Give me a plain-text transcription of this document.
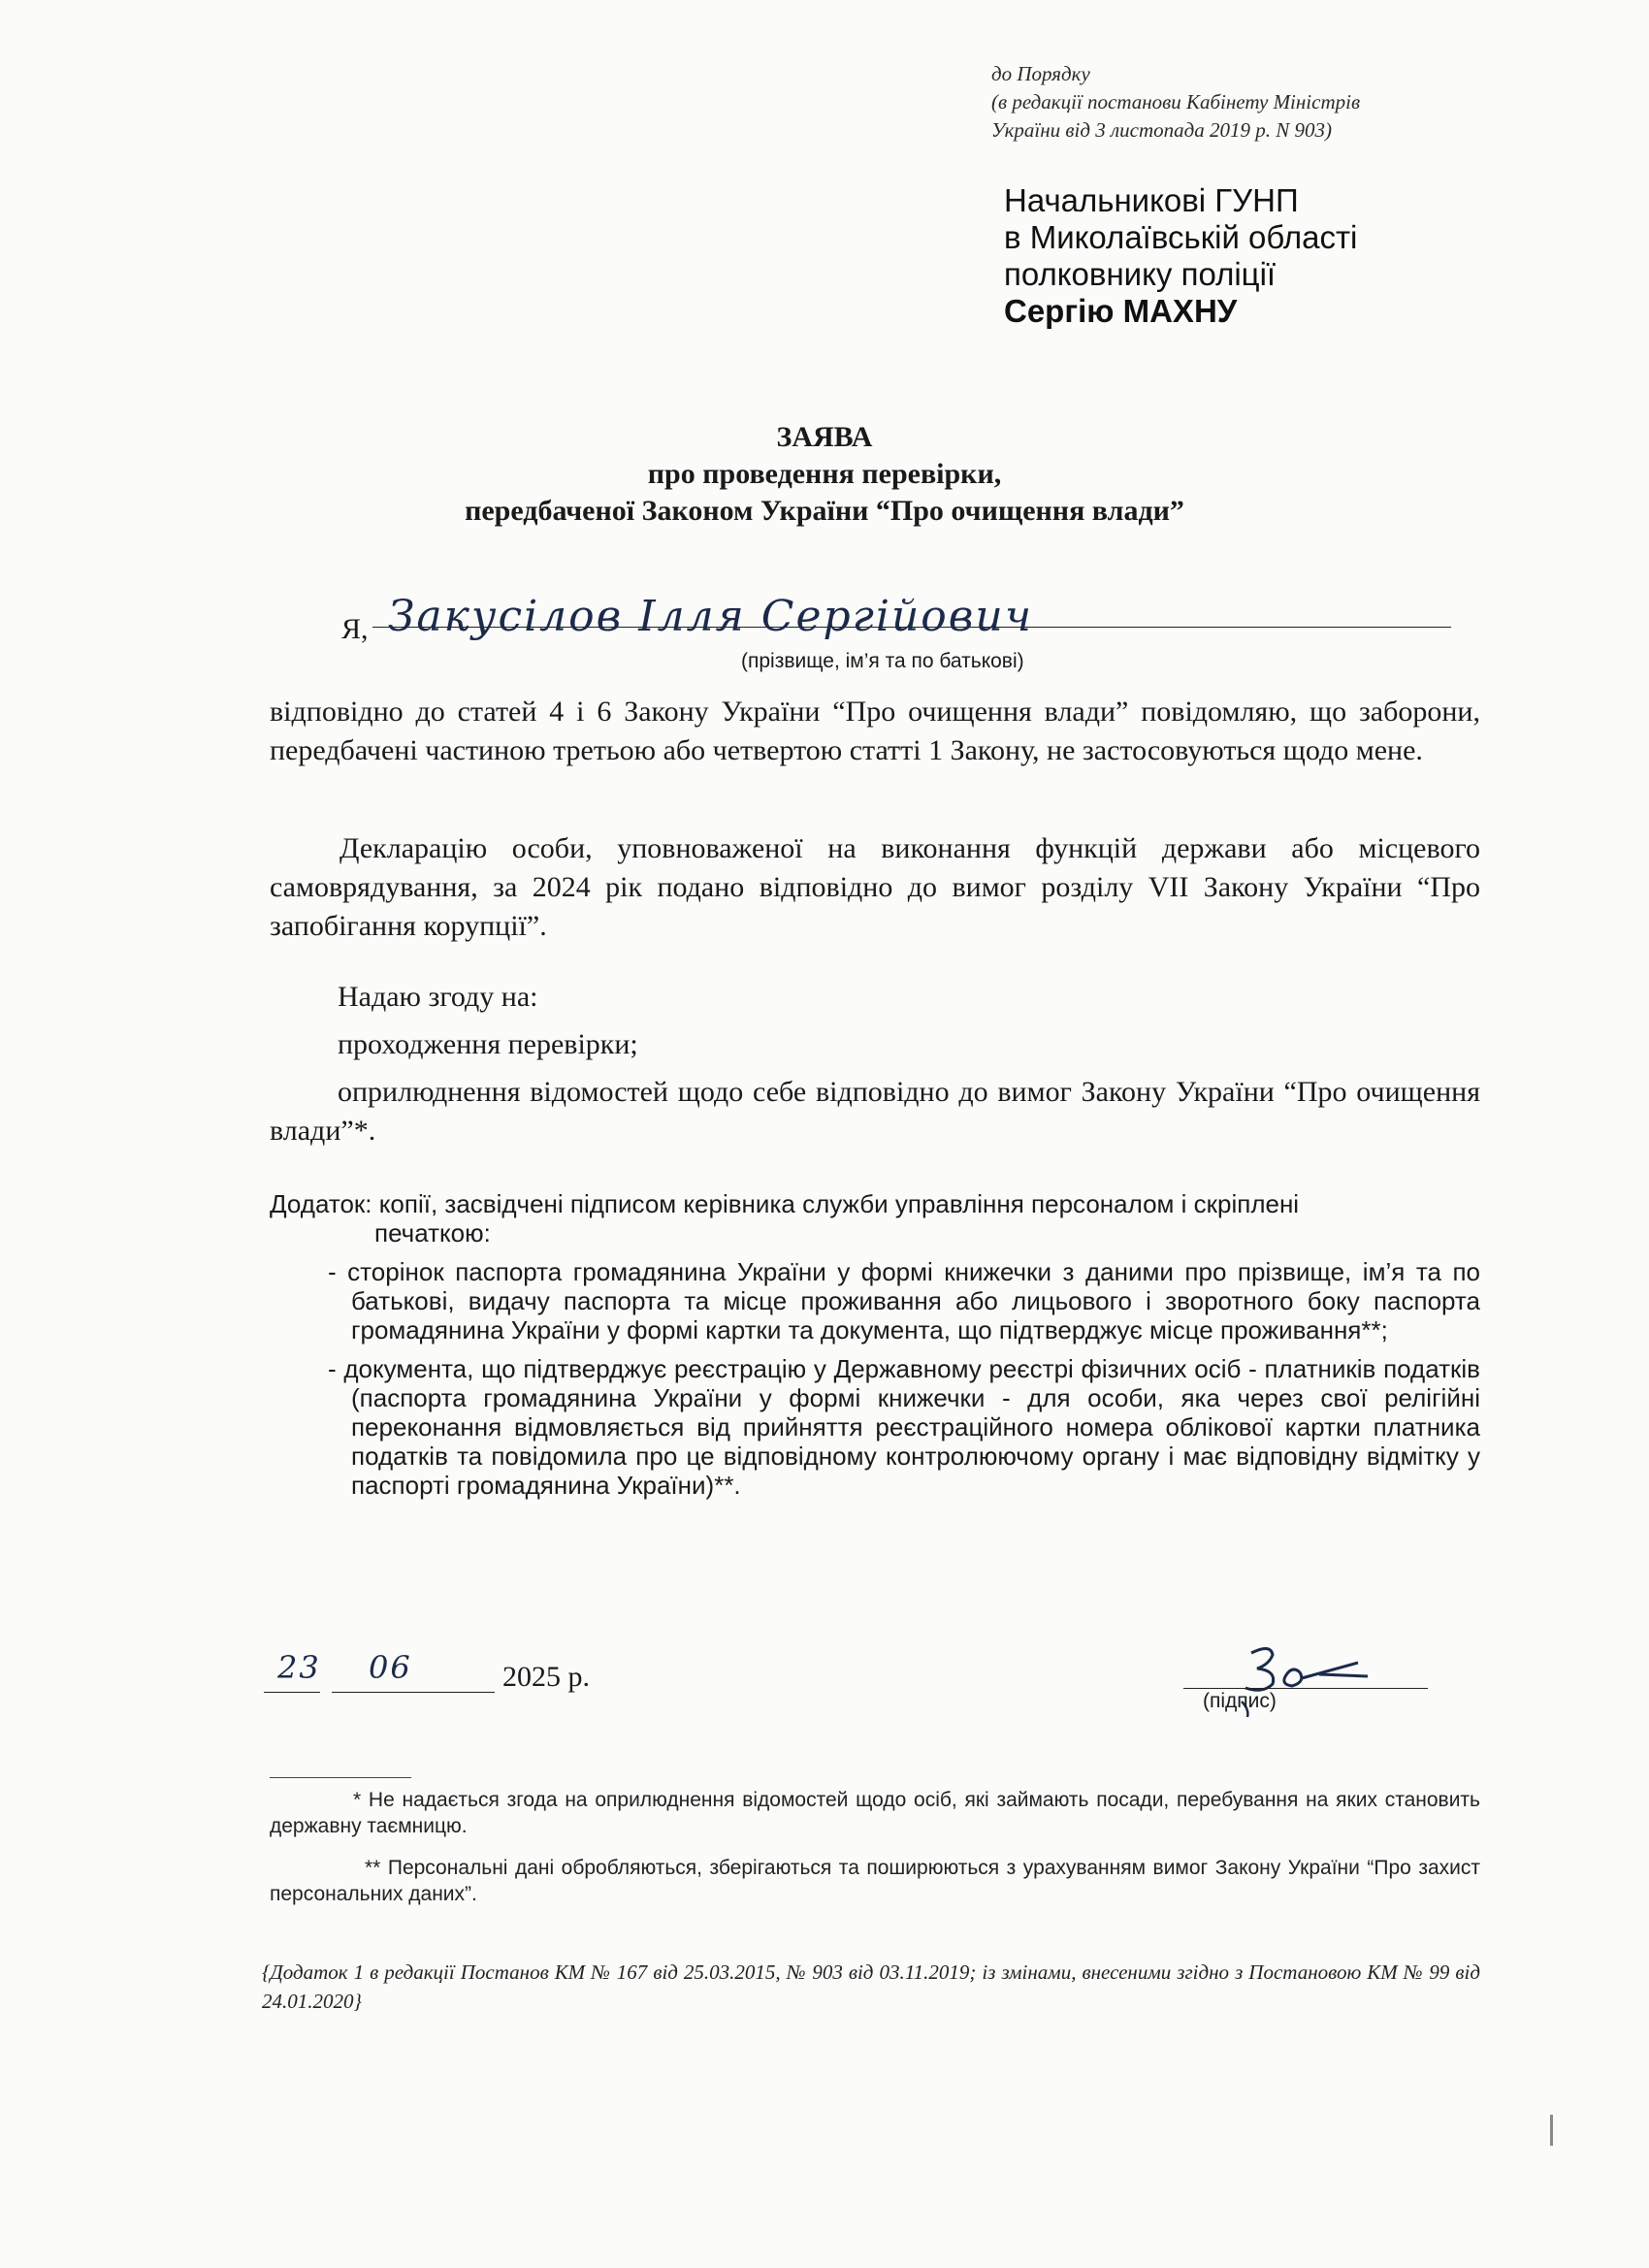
до Порядку
(в редакції постанови Кабінету Міністрів
України від 3 листопада 2019 р. N 903)
Начальникові ГУНП
в Миколаївській області
полковнику поліції
Сергію МАХНУ
ЗАЯВА
про проведення перевірки,
передбаченої Законом України “Про очищення влади”
Я, Закусілов Ілля Сергійович
(прізвище, ім’я та по батькові)
відповідно до статей 4 і 6 Закону України “Про очищення влади” повідомляю, що заборони, передбачені частиною третьою або четвертою статті 1 Закону, не застосовуються щодо мене.
Декларацію особи, уповноваженої на виконання функцій держави або місцевого самоврядування, за 2024 рік подано відповідно до вимог розділу VII Закону України “Про запобігання корупції”.
Надаю згоду на:
проходження перевірки;
оприлюднення відомостей щодо себе відповідно до вимог Закону України “Про очищення влади”*.
Додаток: копії, засвідчені підписом керівника служби управління персоналом і скріплені
печаткою:
- сторінок паспорта громадянина України у формі книжечки з даними про прізвище, ім’я та по батькові, видачу паспорта та місце проживання або лицьового і зворотного боку паспорта громадянина України у формі картки та документа, що підтверджує місце проживання**;
- документа, що підтверджує реєстрацію у Державному реєстрі фізичних осіб - платників податків (паспорта громадянина України у формі книжечки - для особи, яка через свої релігійні переконання відмовляється від прийняття реєстраційного номера облікової картки платника податків та повідомила про це відповідному контролюючому органу і має відповідну відмітку у паспорті громадянина України)**.
23 06	2025 р.
(підпис)
* Не надається згода на оприлюднення відомостей щодо осіб, які займають посади, перебування на яких становить державну таємницю.
** Персональні дані обробляються, зберігаються та поширюються з урахуванням вимог Закону України “Про захист персональних даних”.
{Додаток 1 в редакції Постанов КМ № 167 від 25.03.2015, № 903 від 03.11.2019; із змінами, внесеними згідно з Постановою КМ № 99 від 24.01.2020}
